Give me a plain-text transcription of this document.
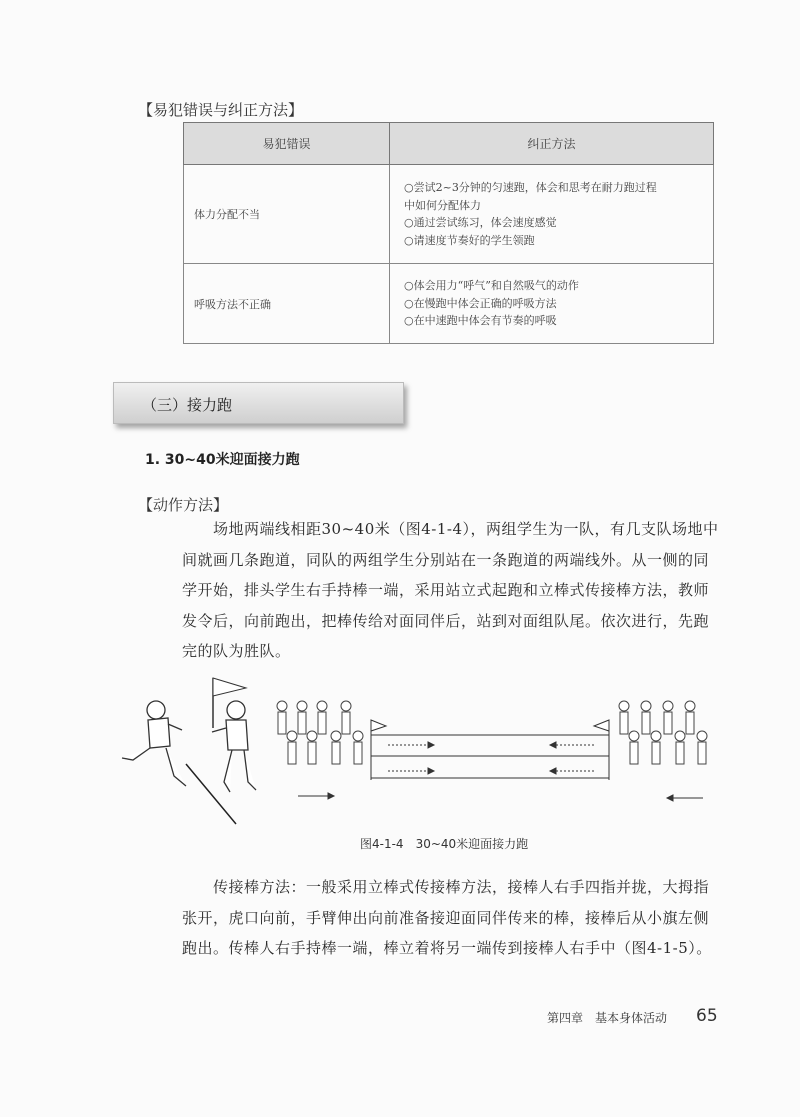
【易犯错误与纠正方法】
易犯错误	纠正方法
体力分配不当	○尝试2~3分钟的匀速跑，体会和思考在耐力跑过程
中如何分配体力
○通过尝试练习，体会速度感觉
○请速度节奏好的学生领跑

呼吸方法不正确	○体会用力“呼气”和自然吸气的动作
○在慢跑中体会正确的呼吸方法
○在中速跑中体会有节奏的呼吸
（三）接力跑
1. 30~40米迎面接力跑
【动作方法】
场地两端线相距30~40米（图4-1-4），两组学生为一队，有几支队场地中间就画几条跑道，同队的两组学生分别站在一条跑道的两端线外。从一侧的同学开始，排头学生右手持棒一端，采用站立式起跑和立棒式传接棒方法，教师发令后，向前跑出，把棒传给对面同伴后，站到对面组队尾。依次进行，先跑完的队为胜队。
图4-1-4　30~40米迎面接力跑
传接棒方法：一般采用立棒式传接棒方法，接棒人右手四指并拢，大拇指张开，虎口向前，手臂伸出向前准备接迎面同伴传来的棒，接棒后从小旗左侧跑出。传棒人右手持棒一端，棒立着将另一端传到接棒人右手中（图4-1-5）。
第四章　基本身体活动 65
